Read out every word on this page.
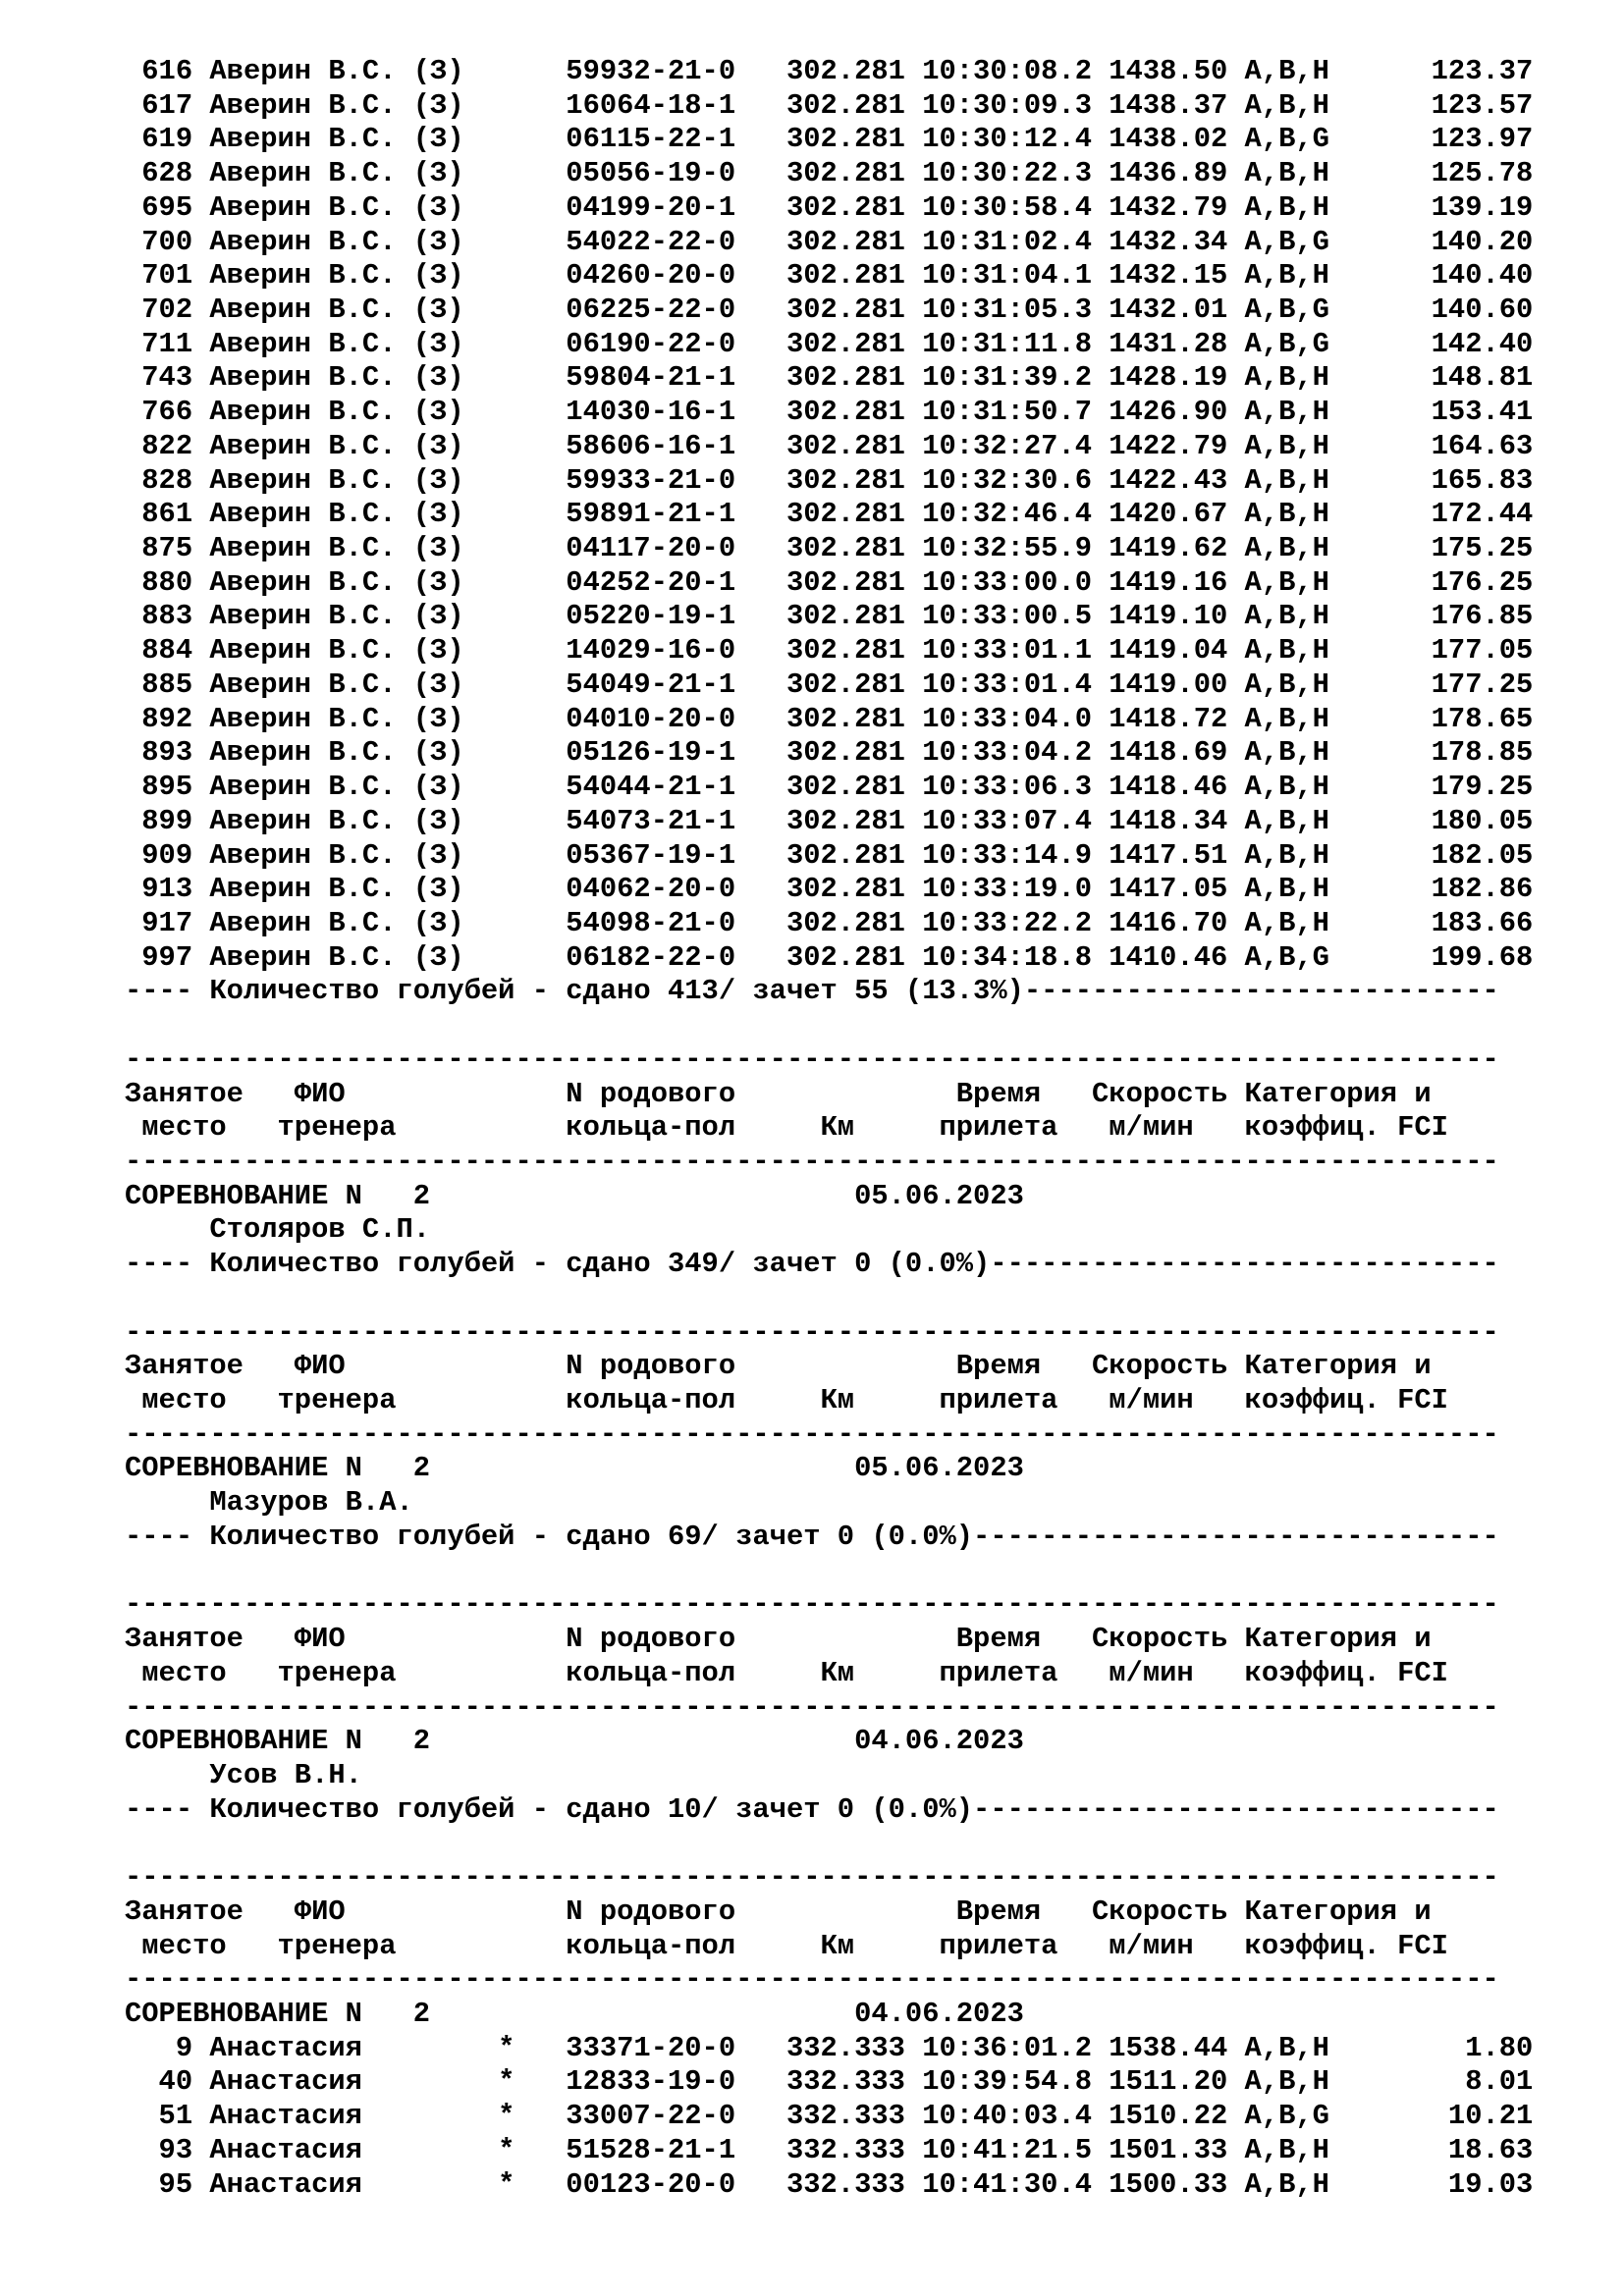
616 Аверин В.С. (З)      59932-21-0   302.281 10:30:08.2 1438.50 A,B,H      123.37
617 Аверин В.С. (З)      16064-18-1   302.281 10:30:09.3 1438.37 A,B,H      123.57
619 Аверин В.С. (З)      06115-22-1   302.281 10:30:12.4 1438.02 A,B,G      123.97
628 Аверин В.С. (З)      05056-19-0   302.281 10:30:22.3 1436.89 A,B,H      125.78
695 Аверин В.С. (З)      04199-20-1   302.281 10:30:58.4 1432.79 A,B,H      139.19
700 Аверин В.С. (З)      54022-22-0   302.281 10:31:02.4 1432.34 A,B,G      140.20
701 Аверин В.С. (З)      04260-20-0   302.281 10:31:04.1 1432.15 A,B,H      140.40
702 Аверин В.С. (З)      06225-22-0   302.281 10:31:05.3 1432.01 A,B,G      140.60
711 Аверин В.С. (З)      06190-22-0   302.281 10:31:11.8 1431.28 A,B,G      142.40
743 Аверин В.С. (З)      59804-21-1   302.281 10:31:39.2 1428.19 A,B,H      148.81
766 Аверин В.С. (З)      14030-16-1   302.281 10:31:50.7 1426.90 A,B,H      153.41
822 Аверин В.С. (З)      58606-16-1   302.281 10:32:27.4 1422.79 A,B,H      164.63
828 Аверин В.С. (З)      59933-21-0   302.281 10:32:30.6 1422.43 A,B,H      165.83
861 Аверин В.С. (З)      59891-21-1   302.281 10:32:46.4 1420.67 A,B,H      172.44
875 Аверин В.С. (З)      04117-20-0   302.281 10:32:55.9 1419.62 A,B,H      175.25
880 Аверин В.С. (З)      04252-20-1   302.281 10:33:00.0 1419.16 A,B,H      176.25
883 Аверин В.С. (З)      05220-19-1   302.281 10:33:00.5 1419.10 A,B,H      176.85
884 Аверин В.С. (З)      14029-16-0   302.281 10:33:01.1 1419.04 A,B,H      177.05
885 Аверин В.С. (З)      54049-21-1   302.281 10:33:01.4 1419.00 A,B,H      177.25
892 Аверин В.С. (З)      04010-20-0   302.281 10:33:04.0 1418.72 A,B,H      178.65
893 Аверин В.С. (З)      05126-19-1   302.281 10:33:04.2 1418.69 A,B,H      178.85
895 Аверин В.С. (З)      54044-21-1   302.281 10:33:06.3 1418.46 A,B,H      179.25
899 Аверин В.С. (З)      54073-21-1   302.281 10:33:07.4 1418.34 A,B,H      180.05
909 Аверин В.С. (З)      05367-19-1   302.281 10:33:14.9 1417.51 A,B,H      182.05
913 Аверин В.С. (З)      04062-20-0   302.281 10:33:19.0 1417.05 A,B,H      182.86
917 Аверин В.С. (З)      54098-21-0   302.281 10:33:22.2 1416.70 A,B,H      183.66
997 Аверин В.С. (З)      06182-22-0   302.281 10:34:18.8 1410.46 A,B,G      199.68
---- Количество голубей - сдано 413/ зачет 55 (13.3%)----------------------------
---------------------------------------------------------------------------------
Занятое   ФИО             N родового             Время   Скорость Категория и
место   тренера          кольца-пол     Км     прилета   м/мин   коэффиц. FCI
---------------------------------------------------------------------------------
СОРЕВНОВАНИЕ N   2                         05.06.2023
Столяров С.П.
---- Количество голубей - сдано 349/ зачет 0 (0.0%)------------------------------
---------------------------------------------------------------------------------
Занятое   ФИО             N родового             Время   Скорость Категория и
место   тренера          кольца-пол     Км     прилета   м/мин   коэффиц. FCI
---------------------------------------------------------------------------------
СОРЕВНОВАНИЕ N   2                         05.06.2023
Мазуров В.А.
---- Количество голубей - сдано 69/ зачет 0 (0.0%)-------------------------------
---------------------------------------------------------------------------------
Занятое   ФИО             N родового             Время   Скорость Категория и
место   тренера          кольца-пол     Км     прилета   м/мин   коэффиц. FCI
---------------------------------------------------------------------------------
СОРЕВНОВАНИЕ N   2                         04.06.2023
Усов В.Н.
---- Количество голубей - сдано 10/ зачет 0 (0.0%)-------------------------------
---------------------------------------------------------------------------------
Занятое   ФИО             N родового             Время   Скорость Категория и
место   тренера          кольца-пол     Км     прилета   м/мин   коэффиц. FCI
---------------------------------------------------------------------------------
СОРЕВНОВАНИЕ N   2                         04.06.2023
9 Анастасия        *   33371-20-0   332.333 10:36:01.2 1538.44 A,B,H        1.80
40 Анастасия        *   12833-19-0   332.333 10:39:54.8 1511.20 A,B,H        8.01
51 Анастасия        *   33007-22-0   332.333 10:40:03.4 1510.22 A,B,G       10.21
93 Анастасия        *   51528-21-1   332.333 10:41:21.5 1501.33 A,B,H       18.63
95 Анастасия        *   00123-20-0   332.333 10:41:30.4 1500.33 A,B,H       19.03
